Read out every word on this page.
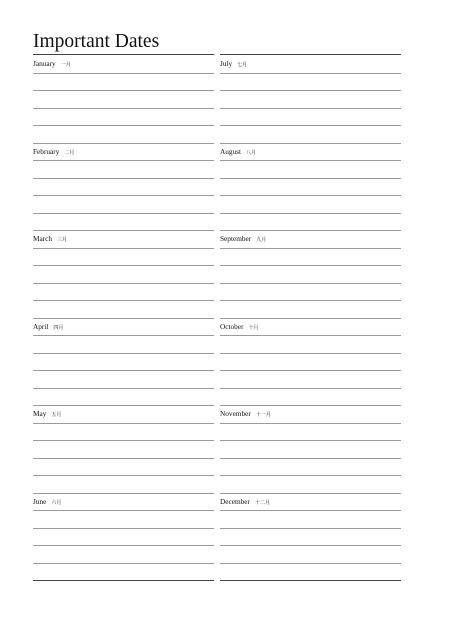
Important Dates
January 一月
February 二月
March 三月
April 四月
May 五月
June 六月
July 七月
August 八月
September 九月
October 十月
November 十一月
December 十二月
